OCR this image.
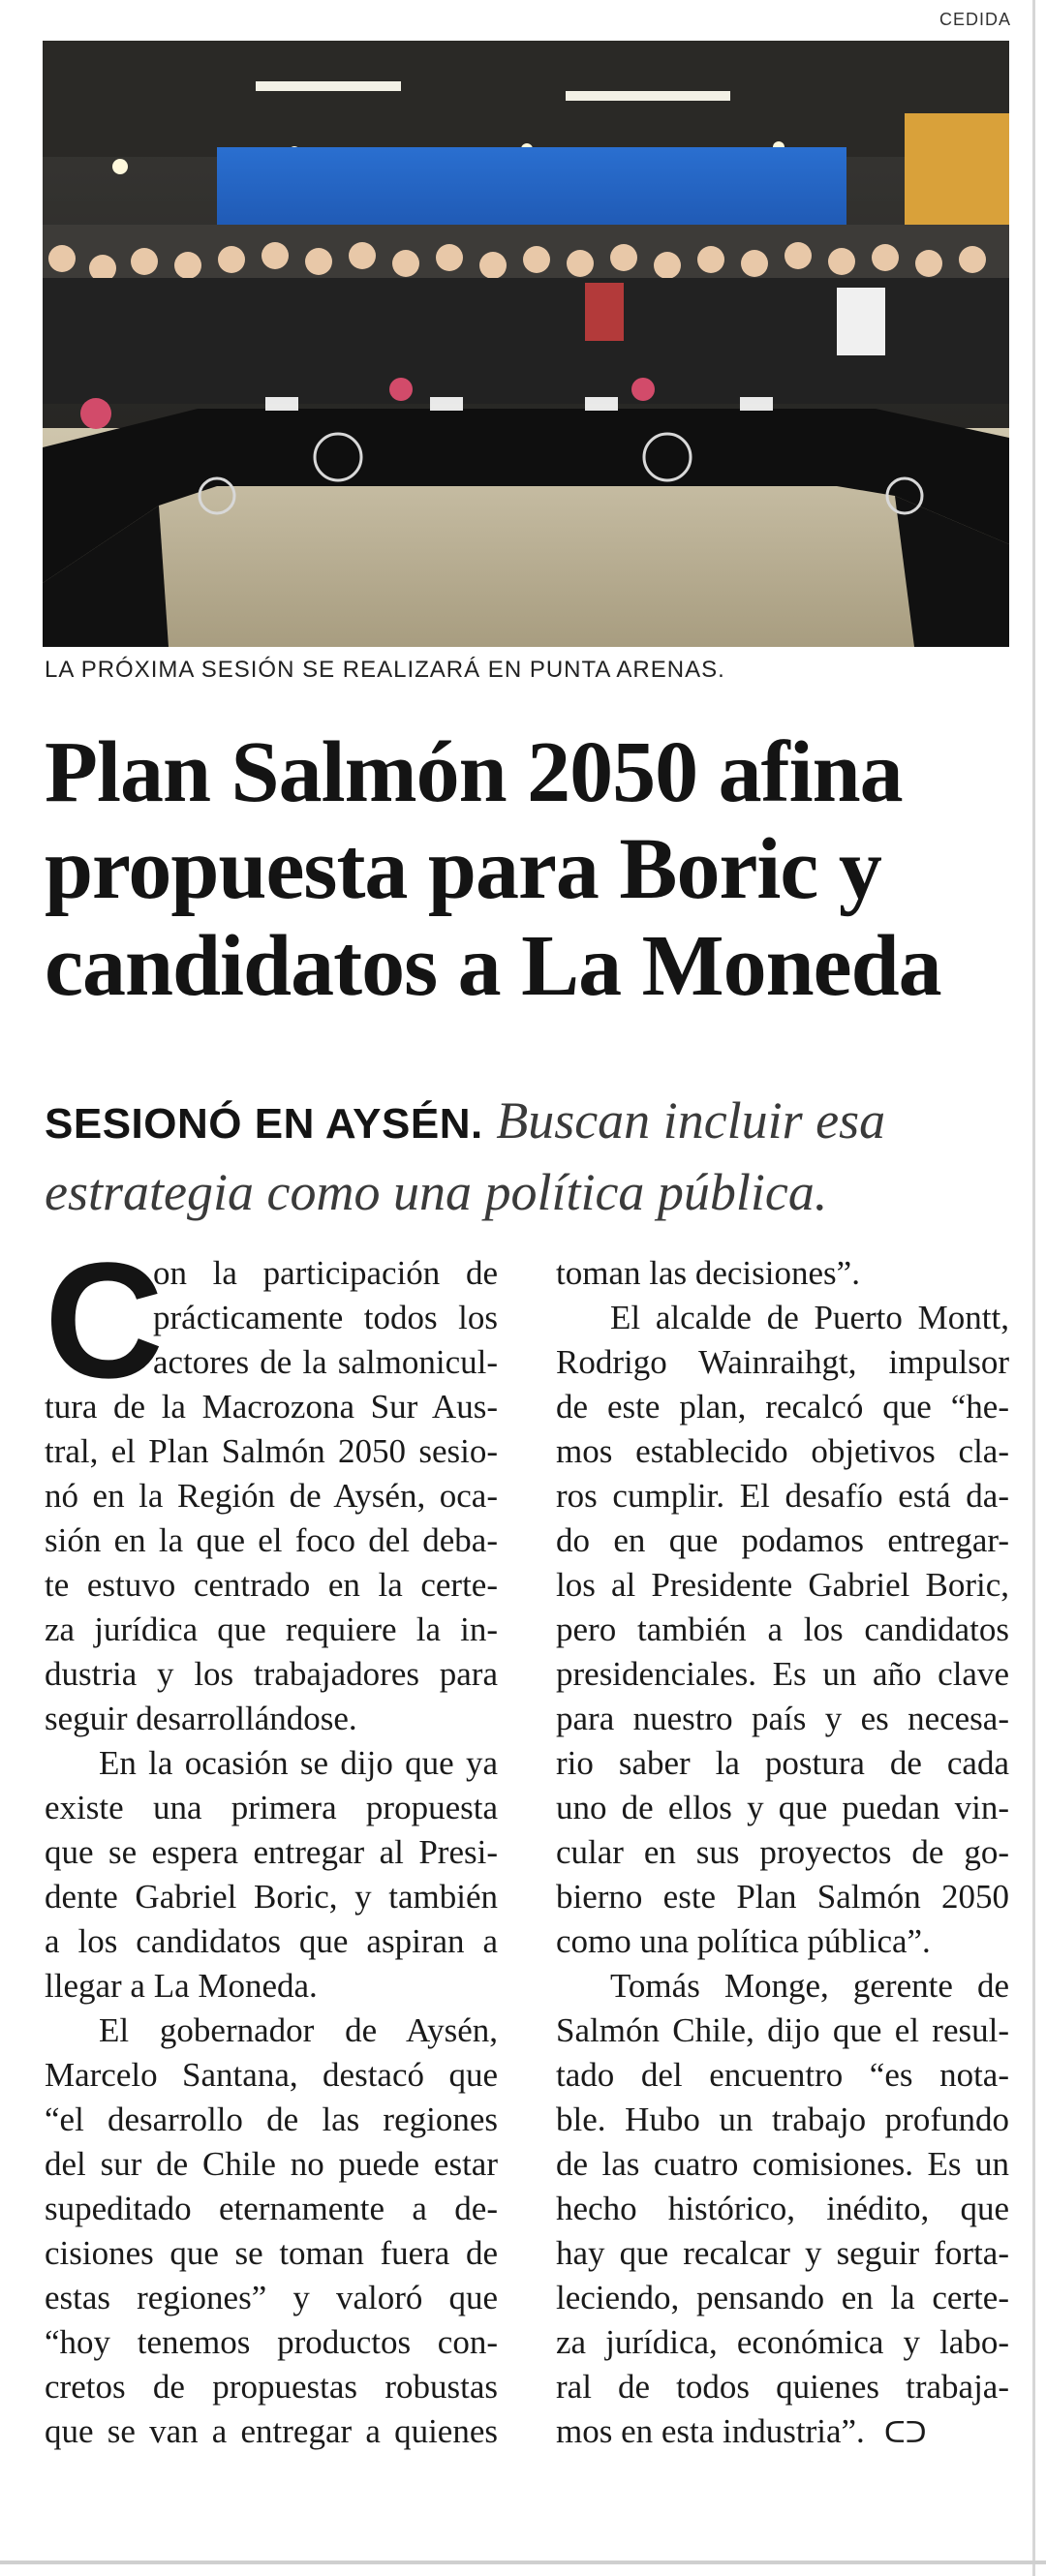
CEDIDA
LA PRÓXIMA SESIÓN SE REALIZARÁ EN PUNTA ARENAS.
Plan Salmón 2050 afina
propuesta para Boric y
candidatos a La Moneda
SESIONÓ EN AYSÉN. Buscan incluir esa estrategia como una política pública.
C
on la participación de
prácticamente todos los
actores de la salmonicul-
tura de la Macrozona Sur Aus-
tral, el Plan Salmón 2050 sesio-
nó en la Región de Aysén, oca-
sión en la que el foco del deba-
te estuvo centrado en la certe-
za jurídica que requiere la in-
dustria y los trabajadores para
seguir desarrollándose.
En la ocasión se dijo que ya
existe una primera propuesta
que se espera entregar al Presi-
dente Gabriel Boric, y también
a los candidatos que aspiran a
llegar a La Moneda.
El gobernador de Aysén,
Marcelo Santana, destacó que
“el desarrollo de las regiones
del sur de Chile no puede estar
supeditado eternamente a de-
cisiones que se toman fuera de
estas regiones” y valoró que
“hoy tenemos productos con-
cretos de propuestas robustas
que se van a entregar a quienes
toman las decisiones”.
El alcalde de Puerto Montt,
Rodrigo Wainraihgt, impulsor
de este plan, recalcó que “he-
mos establecido objetivos cla-
ros cumplir. El desafío está da-
do en que podamos entregar-
los al Presidente Gabriel Boric,
pero también a los candidatos
presidenciales. Es un año clave
para nuestro país y es necesa-
rio saber la postura de cada
uno de ellos y que puedan vin-
cular en sus proyectos de go-
bierno este Plan Salmón 2050
como una política pública”.
Tomás Monge, gerente de
Salmón Chile, dijo que el resul-
tado del encuentro “es nota-
ble. Hubo un trabajo profundo
de las cuatro comisiones. Es un
hecho histórico, inédito, que
hay que recalcar y seguir forta-
leciendo, pensando en la certe-
za jurídica, económica y labo-
ral de todos quienes trabaja-
mos en esta industria”. ᑕᑐ
